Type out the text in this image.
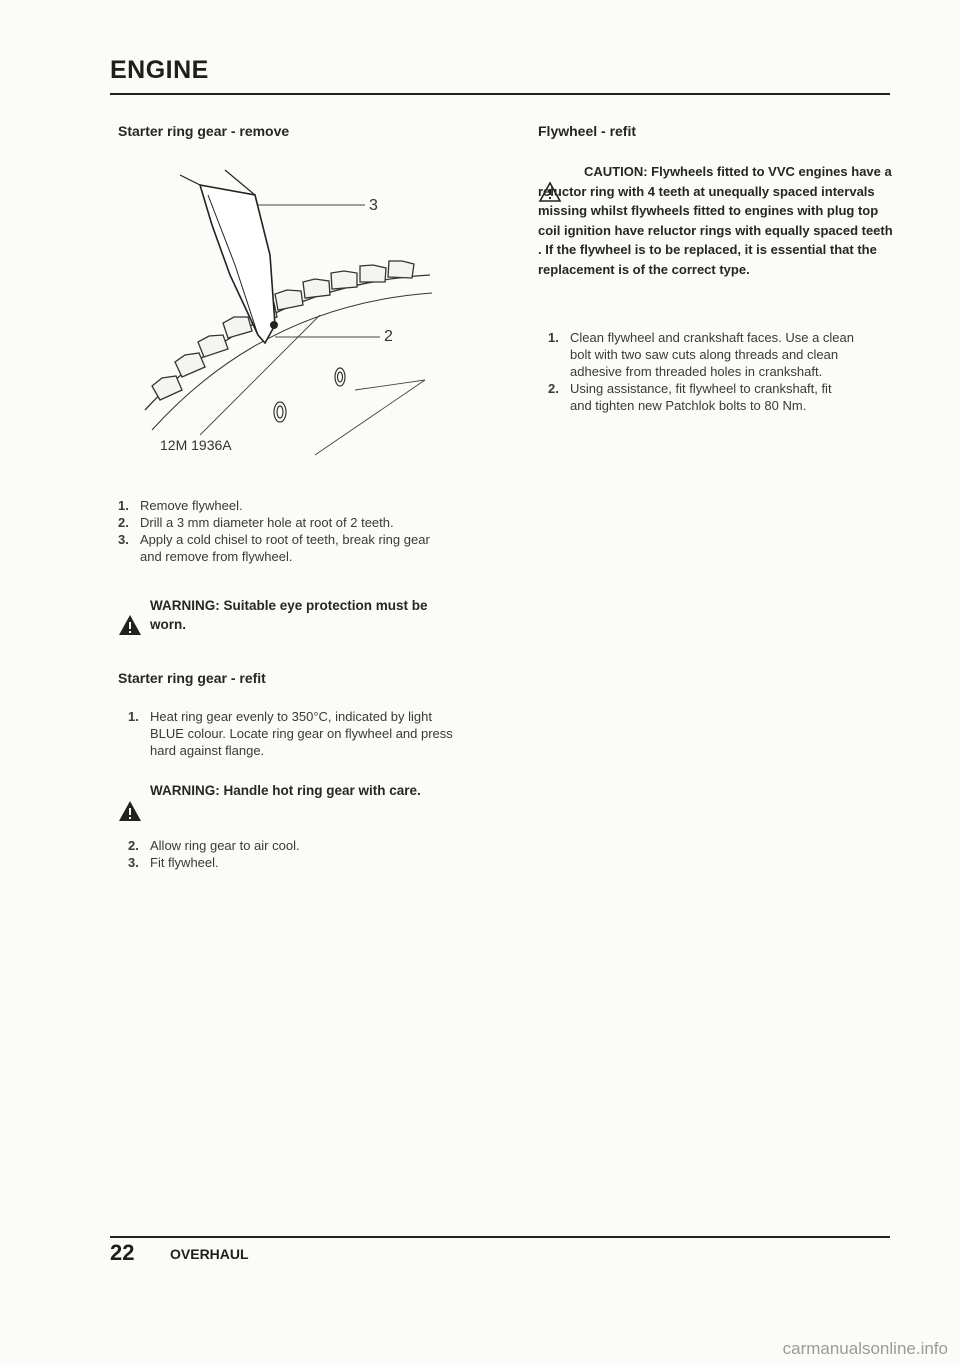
ENGINE
Starter ring gear - remove
3
2
12M 1936A
1. Remove flywheel.
2. Drill a 3 mm diameter hole at root of 2 teeth.
3. Apply a cold chisel to root of teeth, break ring gear and remove from flywheel.
WARNING: Suitable eye protection must be worn.
Starter ring gear - refit
1. Heat ring gear evenly to 350°C, indicated by light BLUE colour. Locate ring gear on flywheel and press hard against flange.
WARNING: Handle hot ring gear with care.
2. Allow ring gear to air cool.
3. Fit flywheel.
Flywheel - refit
CAUTION: Flywheels fitted to VVC engines have a reluctor ring with 4 teeth at unequally spaced intervals missing whilst flywheels fitted to engines with plug top coil ignition have reluctor rings with equally spaced teeth . If the flywheel is to be replaced, it is essential that the replacement is of the correct type.
1. Clean flywheel and crankshaft faces. Use a clean bolt with two saw cuts along threads and clean adhesive from threaded holes in crankshaft.
2. Using assistance, fit flywheel to crankshaft, fit and tighten new Patchlok bolts to 80 Nm.
22	OVERHAUL
carmanualsonline.info
